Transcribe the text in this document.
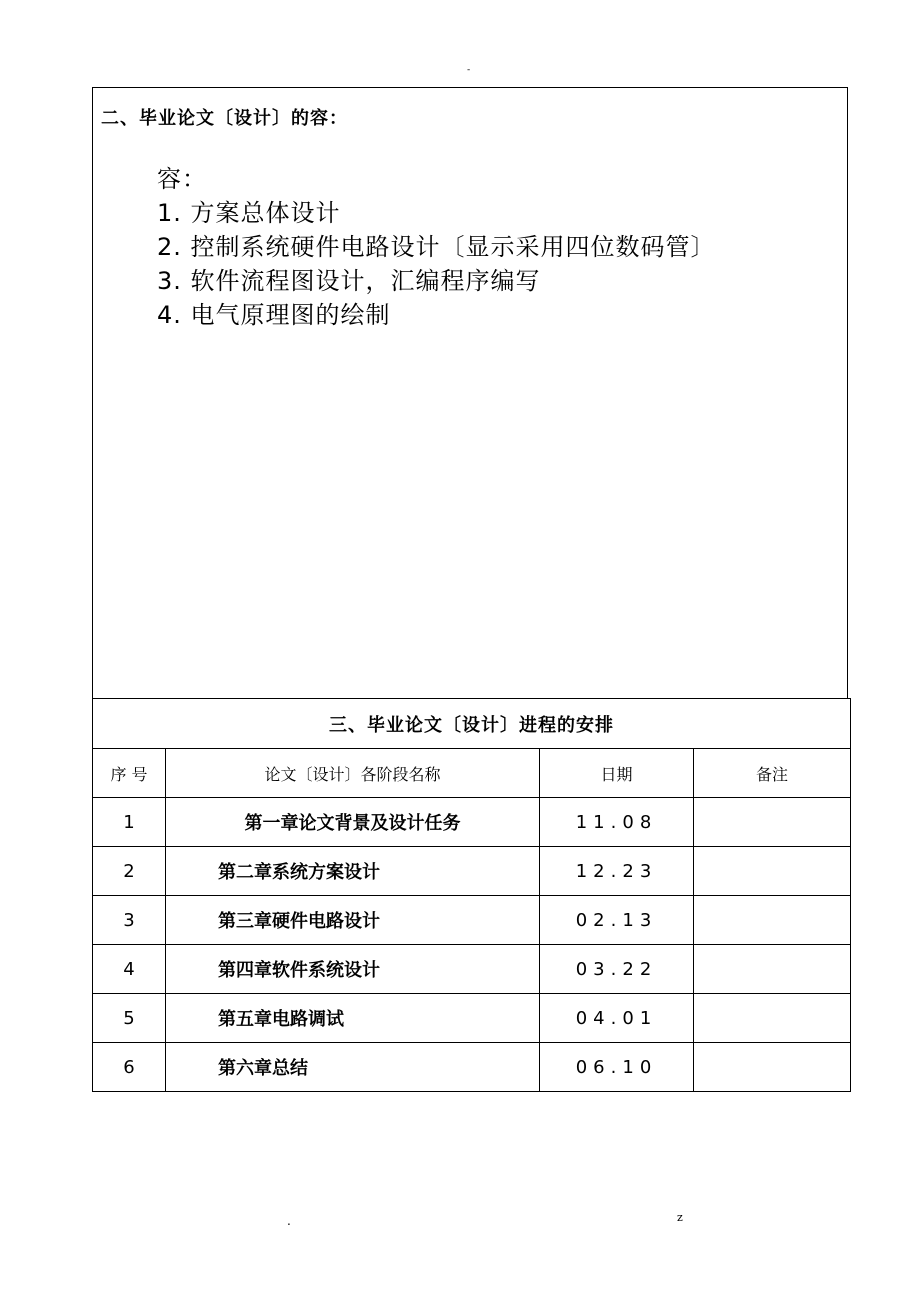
-
二、毕业论文〔设计〕的容：
容：
1. 方案总体设计
2. 控制系统硬件电路设计〔显示采用四位数码管〕
3. 软件流程图设计，汇编程序编写
4. 电气原理图的绘制
三、毕业论文〔设计〕进程的安排			
序 号	论文〔设计〕各阶段名称	日期	备注
1	第一章论文背景及设计任务	11.08	
2	第二章系统方案设计	12.23	
3	第三章硬件电路设计	02.13	
4	第四章软件系统设计	03.22	
5	第五章电路调试	04.01	
6	第六章总结	06.10	
.	z
